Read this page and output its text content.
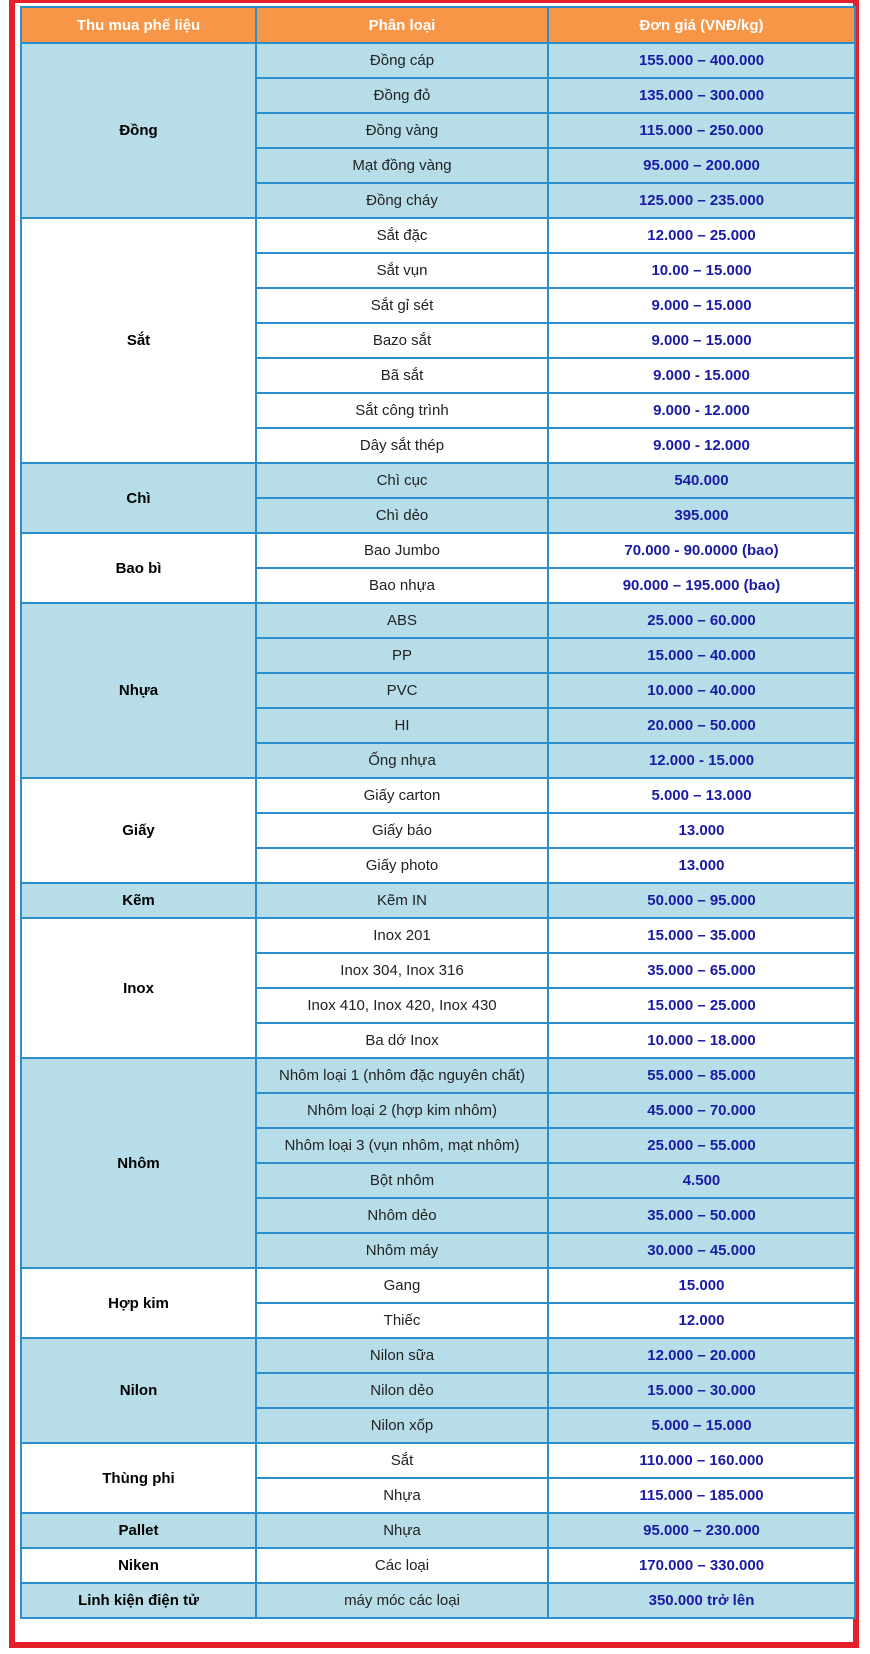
Thu mua phế liệu	Phân loại	Đơn giá (VNĐ/kg)
Đồng	Đồng cáp	155.000 – 400.000
	Đồng đỏ	135.000 – 300.000
	Đồng vàng	115.000 – 250.000
	Mạt đồng vàng	95.000 – 200.000
	Đồng cháy	125.000 – 235.000
Sắt	Sắt đặc	12.000 – 25.000
	Sắt vụn	10.00 – 15.000
	Sắt gỉ sét	9.000 – 15.000
	Bazo sắt	9.000 – 15.000
	Bã sắt	9.000 - 15.000
	Sắt công trình	9.000 - 12.000
	Dây sắt thép	9.000 - 12.000
Chì	Chì cục	540.000
	Chì dẻo	395.000
Bao bì	Bao Jumbo	70.000 - 90.0000 (bao)
	Bao nhựa	90.000 – 195.000 (bao)
Nhựa	ABS	25.000 – 60.000
	PP	15.000 – 40.000
	PVC	10.000 – 40.000
	HI	20.000 – 50.000
	Ống nhựa	12.000 - 15.000
Giấy	Giấy carton	5.000 – 13.000
	Giấy báo	13.000
	Giấy photo	13.000
Kẽm	Kẽm IN	50.000 – 95.000
Inox	Inox 201	15.000 – 35.000
	Inox 304, Inox 316	35.000 – 65.000
	Inox 410, Inox 420, Inox 430	15.000 – 25.000
	Ba dớ Inox	10.000 – 18.000
Nhôm	Nhôm loại 1 (nhôm đặc nguyên chất)	55.000 – 85.000
	Nhôm loại 2 (hợp kim nhôm)	45.000 – 70.000
	Nhôm loại 3 (vụn nhôm, mạt nhôm)	25.000 – 55.000
	Bột nhôm	4.500
	Nhôm dẻo	35.000 – 50.000
	Nhôm máy	30.000 – 45.000
Hợp kim	Gang	15.000
	Thiếc	12.000
Nilon	Nilon sữa	12.000 – 20.000
	Nilon dẻo	15.000 – 30.000
	Nilon xốp	5.000 – 15.000
Thùng phi	Sắt	110.000 – 160.000
	Nhựa	115.000 – 185.000
Pallet	Nhựa	95.000 – 230.000
Niken	Các loại	170.000 – 330.000
Linh kiện điện tử	máy móc các loại	350.000 trở lên
